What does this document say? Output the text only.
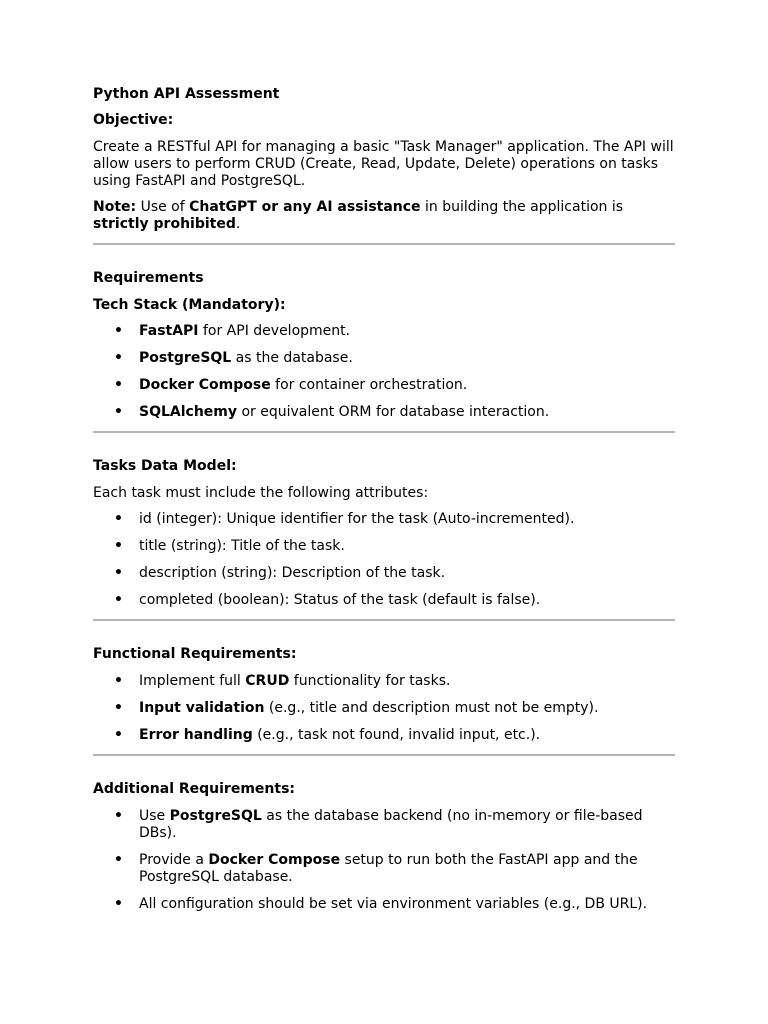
Python API Assessment

Objective:

Create a RESTful API for managing a basic "Task Manager" application. The API will allow users to perform CRUD (Create, Read, Update, Delete) operations on tasks using FastAPI and PostgreSQL.

Note: Use of ChatGPT or any AI assistance in building the application is strictly prohibited.

Requirements

Tech Stack (Mandatory):

• FastAPI for API development.
• PostgreSQL as the database.
• Docker Compose for container orchestration.
• SQLAlchemy or equivalent ORM for database interaction.

Tasks Data Model:

Each task must include the following attributes:

• id (integer): Unique identifier for the task (Auto-incremented).
• title (string): Title of the task.
• description (string): Description of the task.
• completed (boolean): Status of the task (default is false).

Functional Requirements:

• Implement full CRUD functionality for tasks.
• Input validation (e.g., title and description must not be empty).
• Error handling (e.g., task not found, invalid input, etc.).

Additional Requirements:

• Use PostgreSQL as the database backend (no in-memory or file-based DBs).
• Provide a Docker Compose setup to run both the FastAPI app and the PostgreSQL database.
• All configuration should be set via environment variables (e.g., DB URL).
